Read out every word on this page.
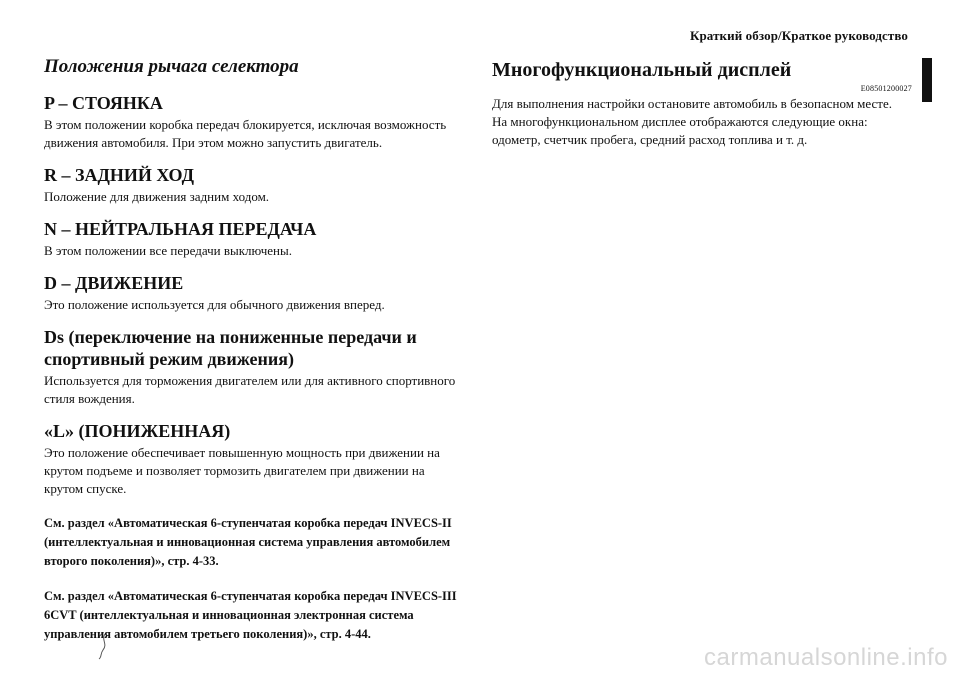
Краткий обзор/Краткое руководство
Положения рычага селектора
P – СТОЯНКА

В этом положении коробка передач блокируется, исключая возможность движения автомобиля. При этом можно запустить двигатель.

R – ЗАДНИЙ ХОД

Положение для движения задним ходом.

N – НЕЙТРАЛЬНАЯ ПЕРЕДАЧА

В этом положении все передачи выключены.

D – ДВИЖЕНИЕ

Это положение используется для обычного движения вперед.

Ds (переключение на пониженные передачи и спортивный режим движения)

Используется для торможения двигателем или для активного спортивного стиля вождения.

«L» (ПОНИЖЕННАЯ)

Это положение обеспечивает повышенную мощность при движении на крутом подъеме и позволяет тормозить двигателем при движении на крутом спуске.

См. раздел «Автоматическая 6-ступенчатая коробка передач INVECS-II (интеллектуальная и инновационная система управления автомобилем второго поколения)», стр. 4-33.

См. раздел «Автоматическая 6-ступенчатая коробка передач INVECS-III 6CVT (интеллектуальная и инновационная электронная система управления автомобилем третьего поколения)», стр. 4-44.

Многофункциональный дисплей
E08501200027

Для выполнения настройки остановите автомобиль в безопасном месте.

На многофункциональном дисплее отображаются следующие окна: одометр, счетчик пробега, средний расход топлива и т. д.

carmanualsonline.info
